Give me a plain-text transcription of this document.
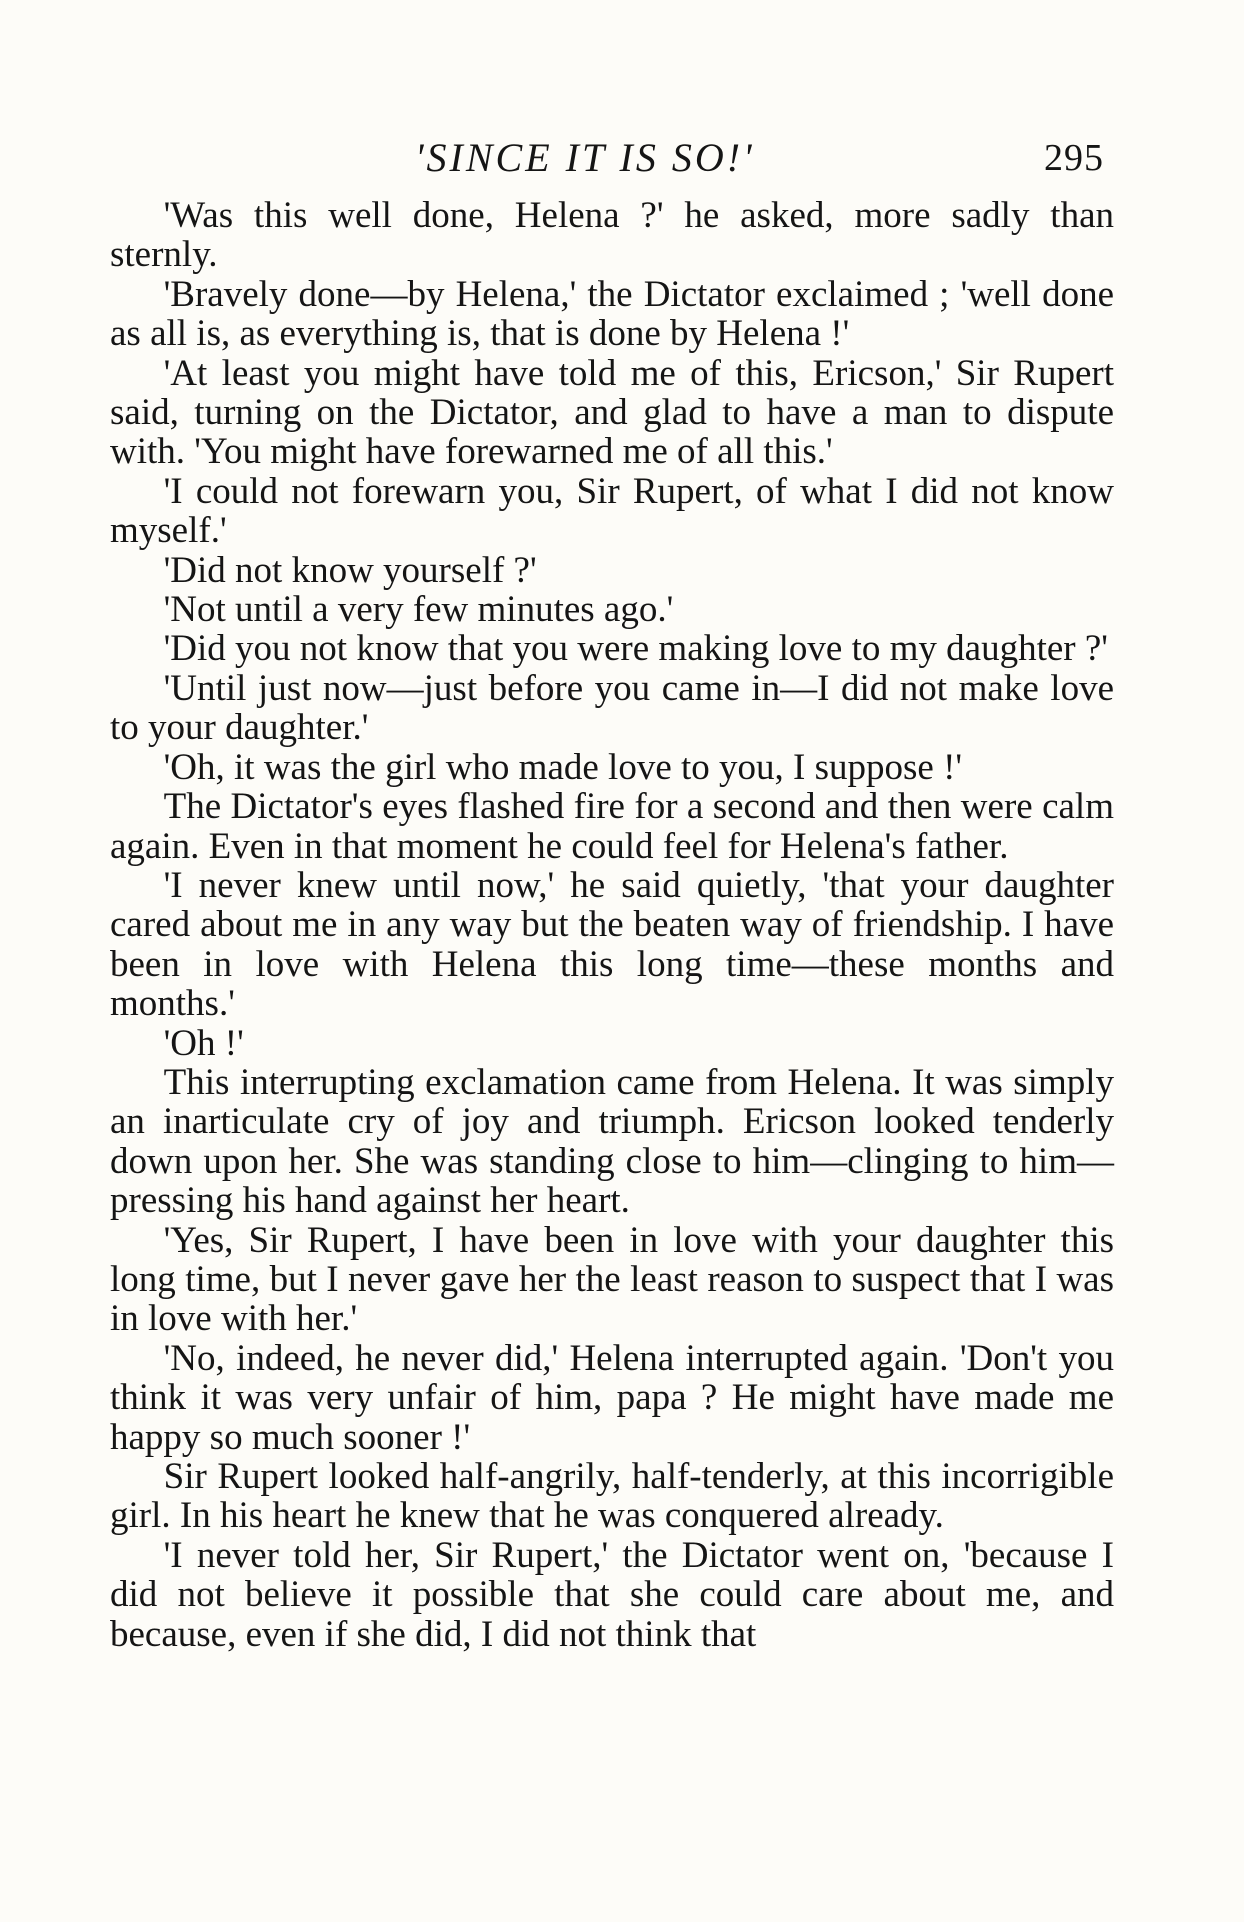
'SINCE IT IS SO!'	295

'Was this well done, Helena ?' he asked, more sadly than sternly.

'Bravely done—by Helena,' the Dictator exclaimed ; 'well done as all is, as everything is, that is done by Helena !'

'At least you might have told me of this, Ericson,' Sir Rupert said, turning on the Dictator, and glad to have a man to dispute with. 'You might have forewarned me of all this.'

'I could not forewarn you, Sir Rupert, of what I did not know myself.'

'Did not know yourself ?'

'Not until a very few minutes ago.'

'Did you not know that you were making love to my daughter ?'

'Until just now—just before you came in—I did not make love to your daughter.'

'Oh, it was the girl who made love to you, I suppose !'

The Dictator's eyes flashed fire for a second and then were calm again. Even in that moment he could feel for Helena's father.

'I never knew until now,' he said quietly, 'that your daughter cared about me in any way but the beaten way of friendship. I have been in love with Helena this long time—these months and months.'

'Oh !'

This interrupting exclamation came from Helena. It was simply an inarticulate cry of joy and triumph. Ericson looked tenderly down upon her. She was standing close to him—clinging to him—pressing his hand against her heart.

'Yes, Sir Rupert, I have been in love with your daughter this long time, but I never gave her the least reason to suspect that I was in love with her.'

'No, indeed, he never did,' Helena interrupted again. 'Don't you think it was very unfair of him, papa ? He might have made me happy so much sooner !'

Sir Rupert looked half-angrily, half-tenderly, at this incorrigible girl. In his heart he knew that he was conquered already.

'I never told her, Sir Rupert,' the Dictator went on, 'because I did not believe it possible that she could care about me, and because, even if she did, I did not think that
